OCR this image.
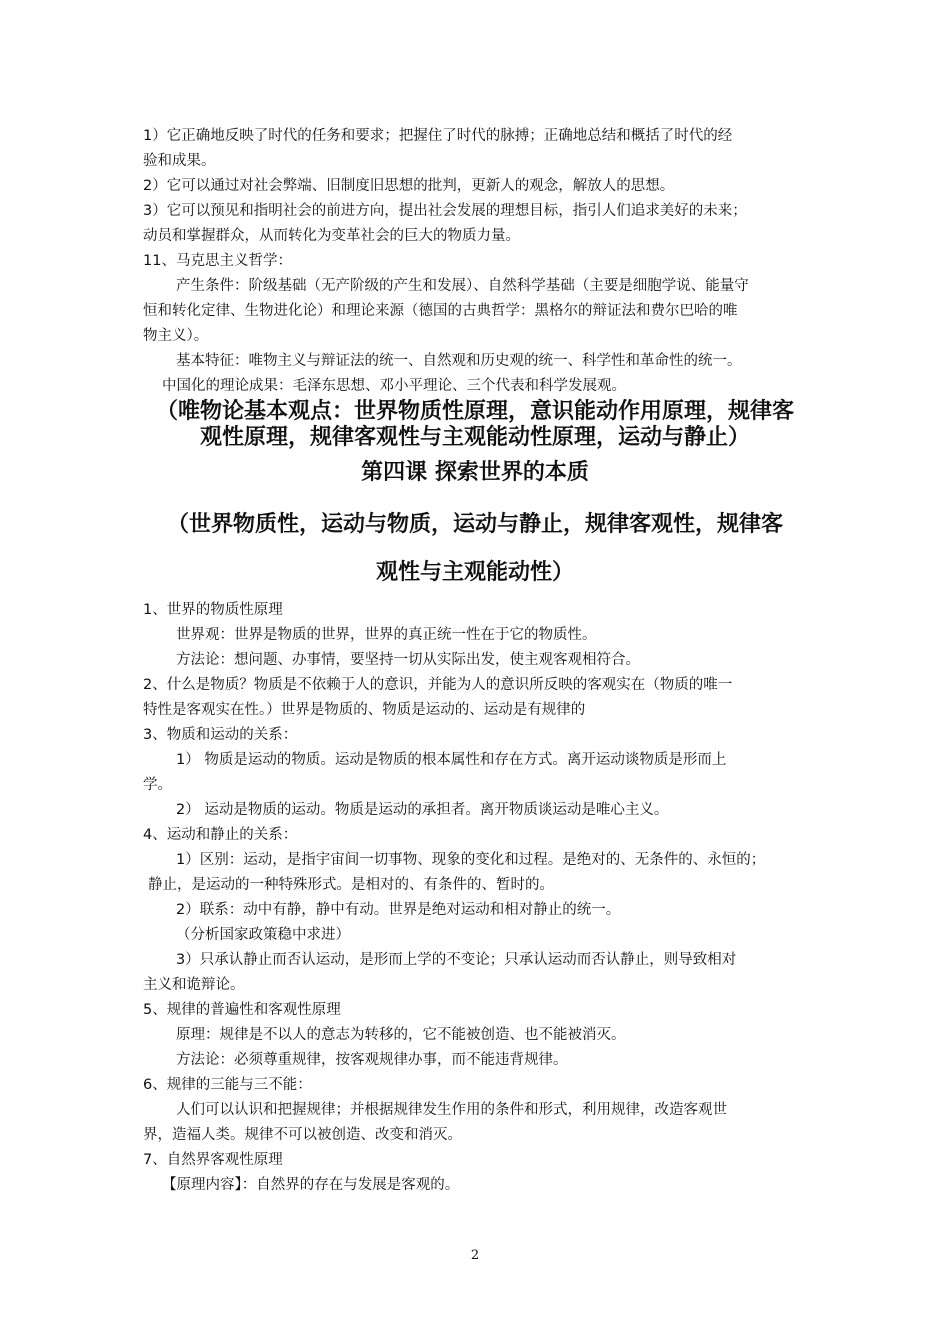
1）它正确地反映了时代的任务和要求；把握住了时代的脉搏；正确地总结和概括了时代的经
验和成果。
2）它可以通过对社会弊端、旧制度旧思想的批判，更新人的观念，解放人的思想。
3）它可以预见和指明社会的前进方向，提出社会发展的理想目标，指引人们追求美好的未来；
动员和掌握群众，从而转化为变革社会的巨大的物质力量。
11、马克思主义哲学：
产生条件：阶级基础（无产阶级的产生和发展）、自然科学基础（主要是细胞学说、能量守
恒和转化定律、生物进化论）和理论来源（德国的古典哲学：黑格尔的辩证法和费尔巴哈的唯
物主义）。
基本特征：唯物主义与辩证法的统一、自然观和历史观的统一、科学性和革命性的统一。
中国化的理论成果：毛泽东思想、邓小平理论、三个代表和科学发展观。
（唯物论基本观点：世界物质性原理，意识能动作用原理，规律客
观性原理，规律客观性与主观能动性原理，运动与静止）
第四课 探索世界的本质
（世界物质性，运动与物质，运动与静止，规律客观性，规律客
观性与主观能动性）
1、世界的物质性原理
世界观：世界是物质的世界，世界的真正统一性在于它的物质性。
方法论：想问题、办事情，要坚持一切从实际出发，使主观客观相符合。
2、什么是物质？物质是不依赖于人的意识，并能为人的意识所反映的客观实在（物质的唯一
特性是客观实在性。）世界是物质的、物质是运动的、运动是有规律的
3、物质和运动的关系：
1） 物质是运动的物质。运动是物质的根本属性和存在方式。离开运动谈物质是形而上
学。
2） 运动是物质的运动。物质是运动的承担者。离开物质谈运动是唯心主义。
4、运动和静止的关系：
1）区别：运动，是指宇宙间一切事物、现象的变化和过程。是绝对的、无条件的、永恒的；
静止，是运动的一种特殊形式。是相对的、有条件的、暂时的。
2）联系：动中有静，静中有动。世界是绝对运动和相对静止的统一。
（分析国家政策稳中求进）
3）只承认静止而否认运动，是形而上学的不变论；只承认运动而否认静止，则导致相对
主义和诡辩论。
5、规律的普遍性和客观性原理
原理：规律是不以人的意志为转移的，它不能被创造、也不能被消灭。
方法论：必须尊重规律，按客观规律办事，而不能违背规律。
6、规律的三能与三不能：
人们可以认识和把握规律；并根据规律发生作用的条件和形式，利用规律，改造客观世
界，造福人类。规律不可以被创造、改变和消灭。
7、自然界客观性原理
【原理内容】：自然界的存在与发展是客观的。
2
